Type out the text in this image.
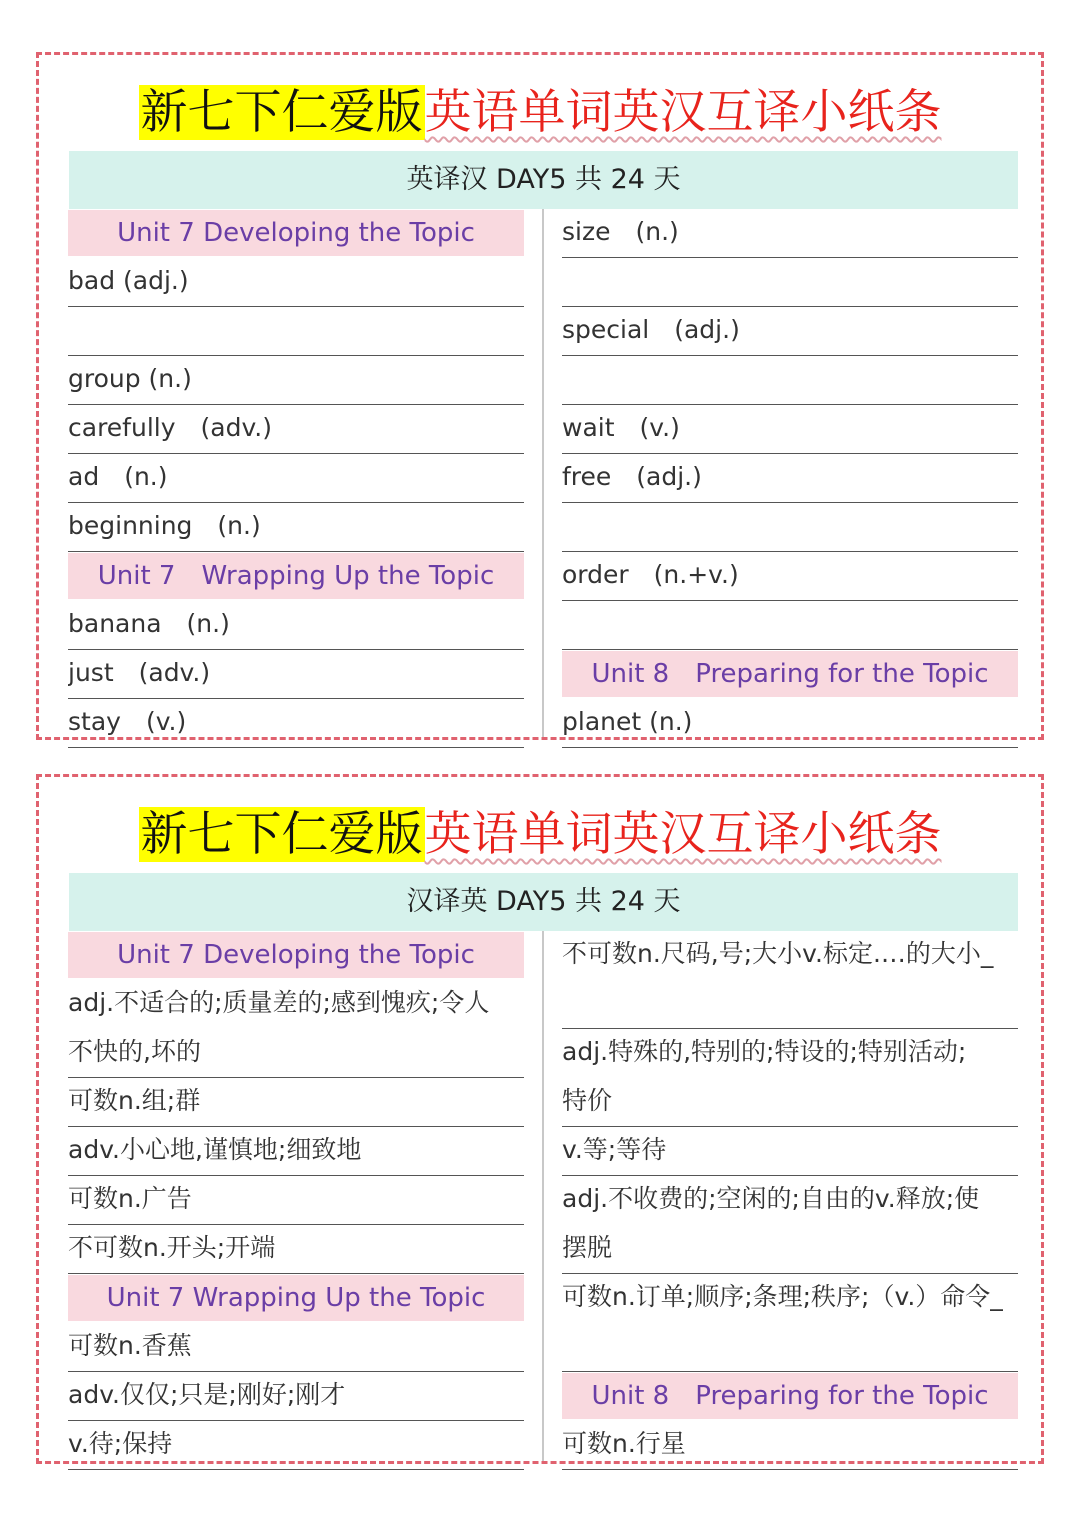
新七下仁爱版英语单词英汉互译小纸条
英译汉 DAY5 共 24 天
Unit 7 Developing the Topic
bad (adj.)
group (n.)
carefully　(adv.)
ad　(n.)
beginning　(n.)
Unit 7　Wrapping Up the Topic
banana　(n.)
just　(adv.)
stay　(v.)
size　(n.)
special　(adj.)
wait　(v.)
free　(adj.)
order　(n.+v.)
Unit 8　Preparing for the Topic
planet (n.)
新七下仁爱版英语单词英汉互译小纸条
汉译英 DAY5 共 24 天
Unit 7 Developing the Topic
adj.不适合的;质量差的;感到愧疚;令人
不快的,坏的
可数n.组;群
adv.小心地,谨慎地;细致地
可数n.广告
不可数n.开头;开端
Unit 7 Wrapping Up the Topic
可数n.香蕉
adv.仅仅;只是;刚好;刚才
v.待;保持
不可数n.尺码,号;大小v.标定.…的大小_
adj.特殊的,特别的;特设的;特别活动;
特价
v.等;等待
adj.不收费的;空闲的;自由的v.释放;使
摆脱
可数n.订单;顺序;条理;秩序;（v.）命令_
Unit 8　Preparing for the Topic
可数n.行星
